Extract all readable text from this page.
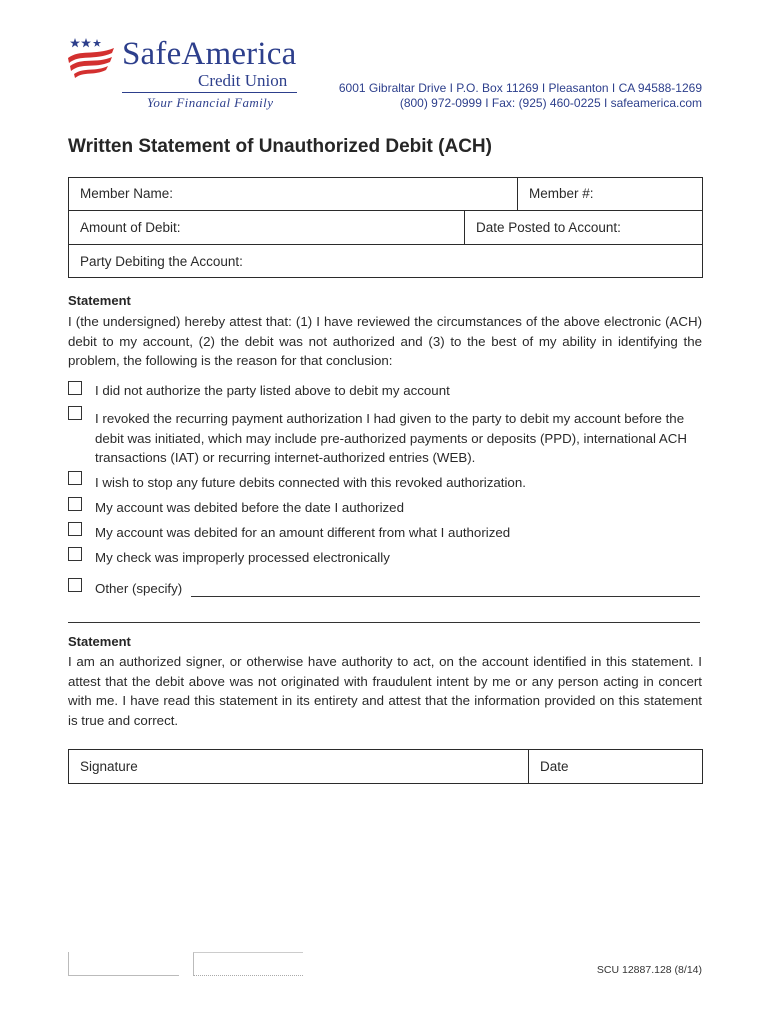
SafeAmerica
Credit Union
Your Financial Family
6001 Gibraltar Drive I P.O. Box 11269 I Pleasanton I CA 94588-1269
(800) 972-0999 I Fax: (925) 460-0225 I safeamerica.com
Written Statement of Unauthorized Debit (ACH)
Member Name:	Member #:
Amount of Debit:	Date Posted to Account:
Party Debiting the Account:
Statement
I (the undersigned) hereby attest that: (1) I have reviewed the circumstances of the above electronic (ACH) debit to my account, (2) the debit was not authorized and (3) to the best of my ability in identifying the problem, the following is the reason for that conclusion:
I did not authorize the party listed above to debit my account
I revoked the recurring payment authorization I had given to the party to debit my account before the debit was initiated, which may include pre-authorized payments or deposits (PPD), international ACH transactions (IAT) or recurring internet-authorized entries (WEB).
I wish to stop any future debits connected with this revoked authorization.
My account was debited before the date I authorized
My account was debited for an amount different from what I authorized
My check was improperly processed electronically
Other (specify)
Statement
I am an authorized signer, or otherwise have authority to act, on the account identified in this statement. I attest that the debit above was not originated with fraudulent intent by me or any person acting in concert with me. I have read this statement in its entirety and attest that the information provided on this statement is true and correct.
Signature	Date
SCU 12887.128 (8/14)
